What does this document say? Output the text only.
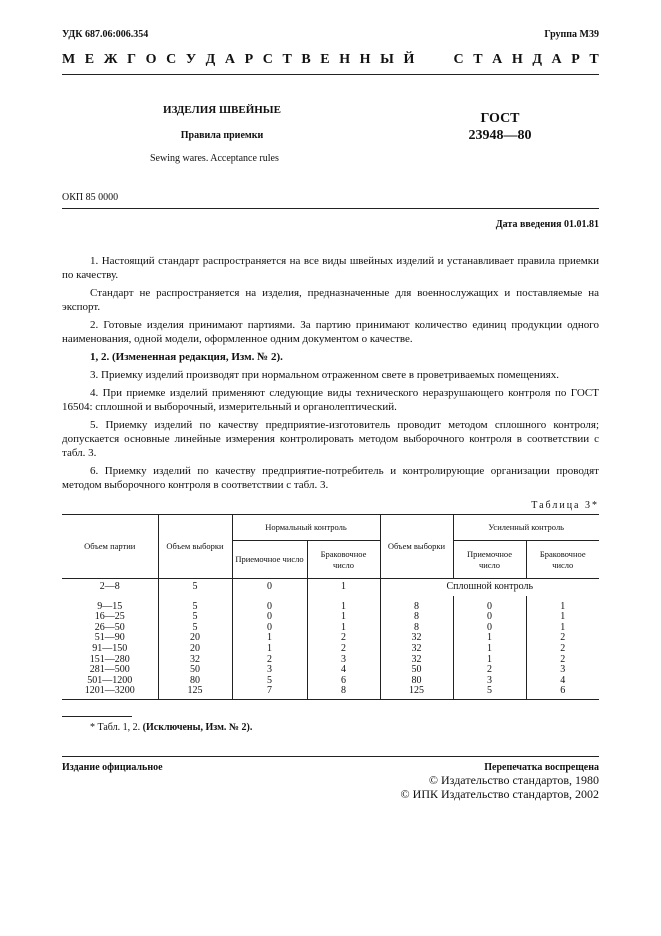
УДК 687.06:006.354	Группа М39
М Е Ж Г О С У Д А Р С Т В Е Н Н Ы Й	С Т А Н Д А Р Т
ИЗДЕЛИЯ ШВЕЙНЫЕ
Правила приемки
Sewing wares. Acceptance rules
ГОСТ
23948—80
ОКП 85 0000
Дата введения 01.01.81

1. Настоящий стандарт распространяется на все виды швейных изделий и устанавливает правила приемки по качеству.

Стандарт не распространяется на изделия, предназначенные для военнослужащих и поставляемые на экспорт.

2. Готовые изделия принимают партиями. За партию принимают количество единиц продукции одного наименования, одной модели, оформленное одним документом о качестве.

1, 2. (Измененная редакция, Изм. № 2).

3. Приемку изделий производят при нормальном отраженном свете в проветриваемых помещениях.

4. При приемке изделий применяют следующие виды технического неразрушающего контроля по ГОСТ 16504: сплошной и выборочный, измерительный и органолептический.

5. Приемку изделий по качеству предприятие-изготовитель проводит методом сплошного контроля; допускается основные линейные измерения контролировать методом выборочного контроля в соответствии с табл. 3.

6. Приемку изделий по качеству предприятие-потребитель и контролирующие организации проводят методом выборочного контроля в соответствии с табл. 3.

Таблица 3*
Объем партии	Объем выборки	Нормальный контроль		Объем выборки	Усиленный контроль	
		Приемочное число	Браковочное число		Приемочное число	Браковочное число
2—8	5	0	1	Сплошной контроль		
9—15	5	0	1	8	0	1
16—25	5	0	1	8	0	1
26—50	5	0	1	8	0	1
51—90	20	1	2	32	1	2
91—150	20	1	2	32	1	2
151—280	32	2	3	32	1	2
281—500	50	3	4	50	2	3
501—1200	80	5	6	80	3	4
1201—3200	125	7	8	125	5	6
* Табл. 1, 2. (Исключены, Изм. № 2).
Издание официальное	Перепечатка воспрещена
© Издательство стандартов, 1980
© ИПК Издательство стандартов, 2002
